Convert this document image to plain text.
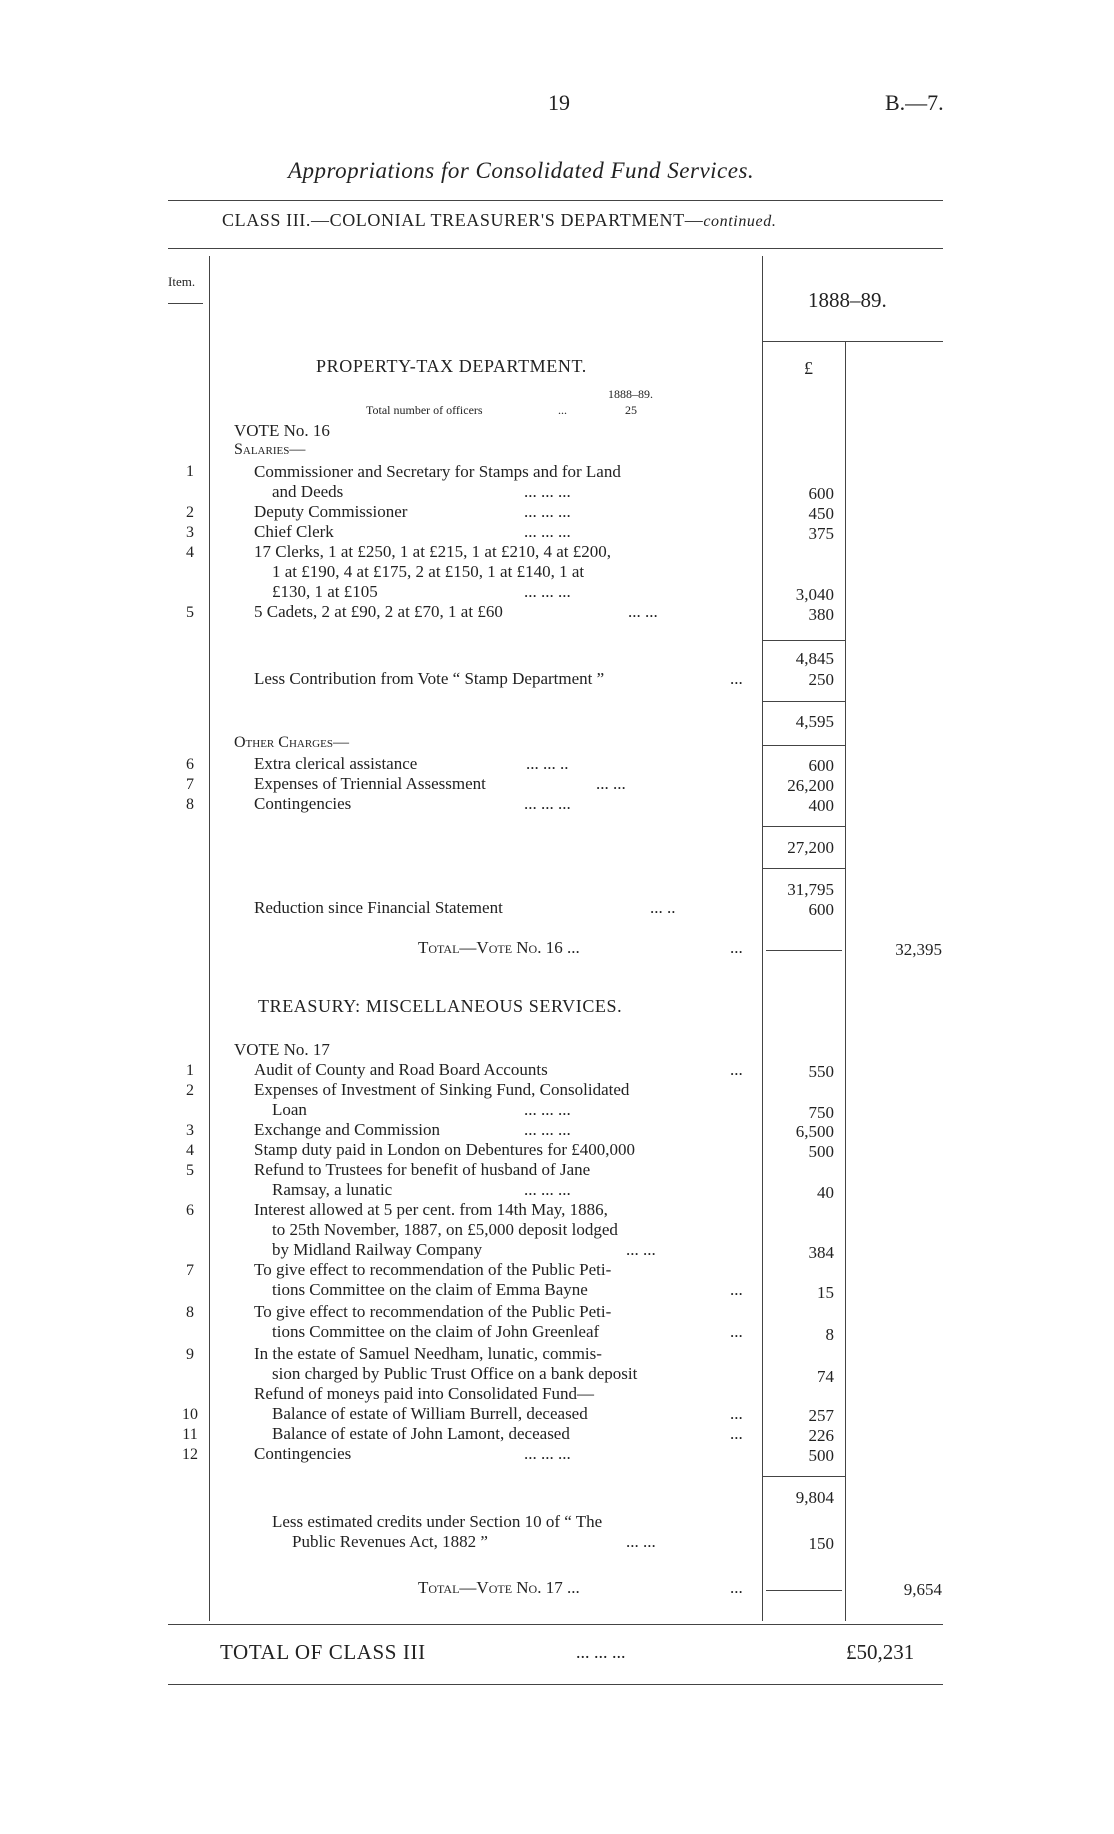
19	B.—7.
Appropriations for Consolidated Fund Services.
CLASS III.—COLONIAL TREASURER'S DEPARTMENT—continued.
Item.
1888–89.
£
PROPERTY-TAX DEPARTMENT.
1888–89.
Total number of officers	...	25
VOTE No. 16
Salaries—
1	Commissioner and Secretary for Stamps and for Land
and Deeds	... ... ...	600
2	Deputy Commissioner	... ... ...	450
3	Chief Clerk	... ... ...	375
4	17 Clerks, 1 at £250, 1 at £215, 1 at £210, 4 at £200,
1 at £190, 4 at £175, 2 at £150, 1 at £140, 1 at
£130, 1 at £105	... ... ...	3,040
5	5 Cadets, 2 at £90, 2 at £70, 1 at £60	... ...	380
4,845
Less Contribution from Vote “ Stamp Department ”	...	250
4,595
Other Charges—
6	Extra clerical assistance	... ... ..	600
7	Expenses of Triennial Assessment	... ...	26,200
8	Contingencies	... ... ...	400
27,200
31,795
Reduction since Financial Statement	... ..	600
Total—Vote No. 16 ...	...	32,395
TREASURY: MISCELLANEOUS SERVICES.
VOTE No. 17
1	Audit of County and Road Board Accounts	...	550
2	Expenses of Investment of Sinking Fund, Consolidated
Loan	... ... ...	750
3	Exchange and Commission	... ... ...	6,500
4	Stamp duty paid in London on Debentures for £400,000	500
5	Refund to Trustees for benefit of husband of Jane
Ramsay, a lunatic	... ... ...	40
6	Interest allowed at 5 per cent. from 14th May, 1886,
to 25th November, 1887, on £5,000 deposit lodged
by Midland Railway Company	... ...	384
7	To give effect to recommendation of the Public Peti-
tions Committee on the claim of Emma Bayne	...	15
8	To give effect to recommendation of the Public Peti-
tions Committee on the claim of John Greenleaf	...	8
9	In the estate of Samuel Needham, lunatic, commis-
sion charged by Public Trust Office on a bank deposit	74
Refund of moneys paid into Consolidated Fund—
10	Balance of estate of William Burrell, deceased	...	257
11	Balance of estate of John Lamont, deceased	...	226
12	Contingencies	... ... ...	500
9,804
Less estimated credits under Section 10 of “ The
Public Revenues Act, 1882 ”	... ...	150
Total—Vote No. 17 ...	...	9,654
TOTAL OF CLASS III	... ... ...	£50,231
